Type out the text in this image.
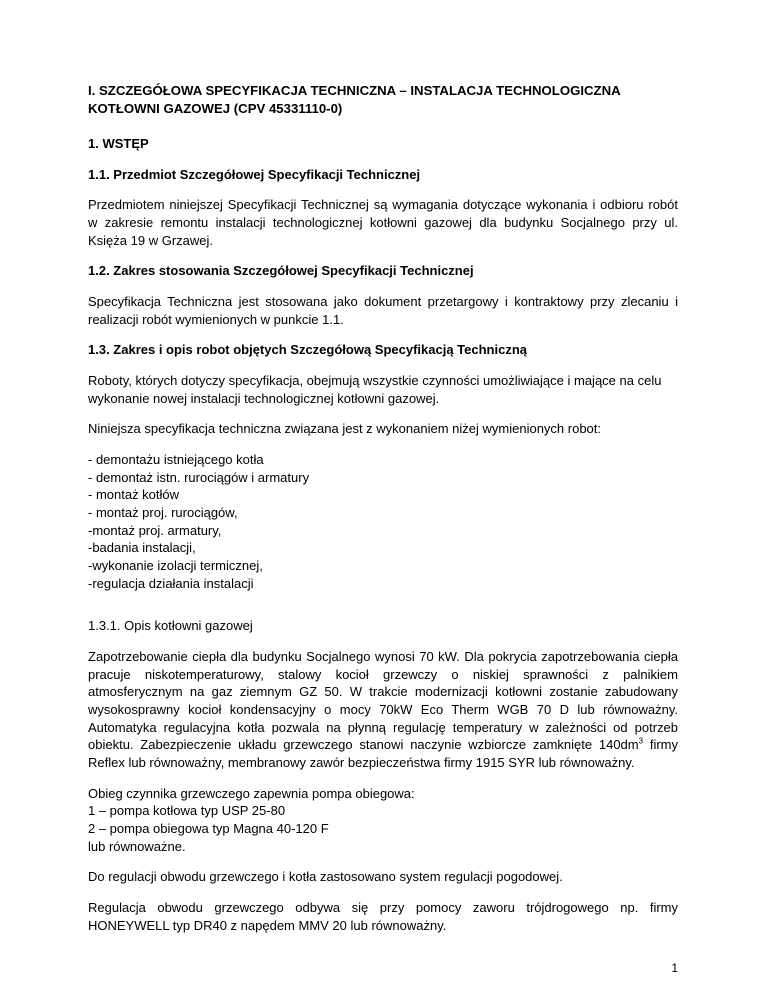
I. SZCZEGÓŁOWA SPECYFIKACJA TECHNICZNA – INSTALACJA TECHNOLOGICZNA KOTŁOWNI GAZOWEJ (CPV 45331110-0)
1. WSTĘP
1.1. Przedmiot Szczegółowej Specyfikacji Technicznej

Przedmiotem niniejszej Specyfikacji Technicznej są wymagania dotyczące wykonania i odbioru robót w zakresie remontu instalacji technologicznej kotłowni gazowej dla budynku Socjalnego przy ul. Księża 19 w Grzawej.

1.2. Zakres stosowania Szczegółowej Specyfikacji Technicznej

Specyfikacja Techniczna jest stosowana jako dokument przetargowy i kontraktowy przy zlecaniu i realizacji robót wymienionych w punkcie 1.1.

1.3. Zakres i opis robot objętych Szczegółową Specyfikacją Techniczną

Roboty, których dotyczy specyfikacja, obejmują wszystkie czynności umożliwiające i mające na celu wykonanie nowej instalacji technologicznej kotłowni gazowej.

Niniejsza specyfikacja techniczna związana jest z wykonaniem niżej wymienionych robot:

- demontażu istniejącego kotła
- demontaż istn. rurociągów i armatury
- montaż kotłów
- montaż proj. rurociągów,
-montaż proj. armatury,
-badania instalacji,
-wykonanie izolacji termicznej,
-regulacja działania instalacji
1.3.1. Opis kotłowni gazowej

Zapotrzebowanie ciepła dla budynku Socjalnego wynosi 70 kW. Dla pokrycia zapotrzebowania ciepła pracuje niskotemperaturowy, stalowy kocioł grzewczy o niskiej sprawności z palnikiem atmosferycznym na gaz ziemnym GZ 50. W trakcie modernizacji kotłowni zostanie zabudowany wysokosprawny kocioł kondensacyjny o mocy 70kW Eco Therm WGB 70 D lub równoważny. Automatyka regulacyjna kotła pozwala na płynną regulację temperatury w zależności od potrzeb obiektu. Zabezpieczenie układu grzewczego stanowi naczynie wzbiorcze zamknięte $140dm^3$ firmy Reflex lub równoważny, membranowy zawór bezpieczeństwa firmy 1915 SYR lub równoważny.

Obieg czynnika grzewczego zapewnia pompa obiegowa:
1 – pompa kotłowa typ USP 25-80
2 – pompa obiegowa typ Magna 40-120 F
lub równoważne.

Do regulacji obwodu grzewczego i kotła zastosowano system regulacji pogodowej.

Regulacja obwodu grzewczego odbywa się przy pomocy zaworu trójdrogowego np. firmy HONEYWELL typ DR40 z napędem MMV 20 lub równoważny.

1
